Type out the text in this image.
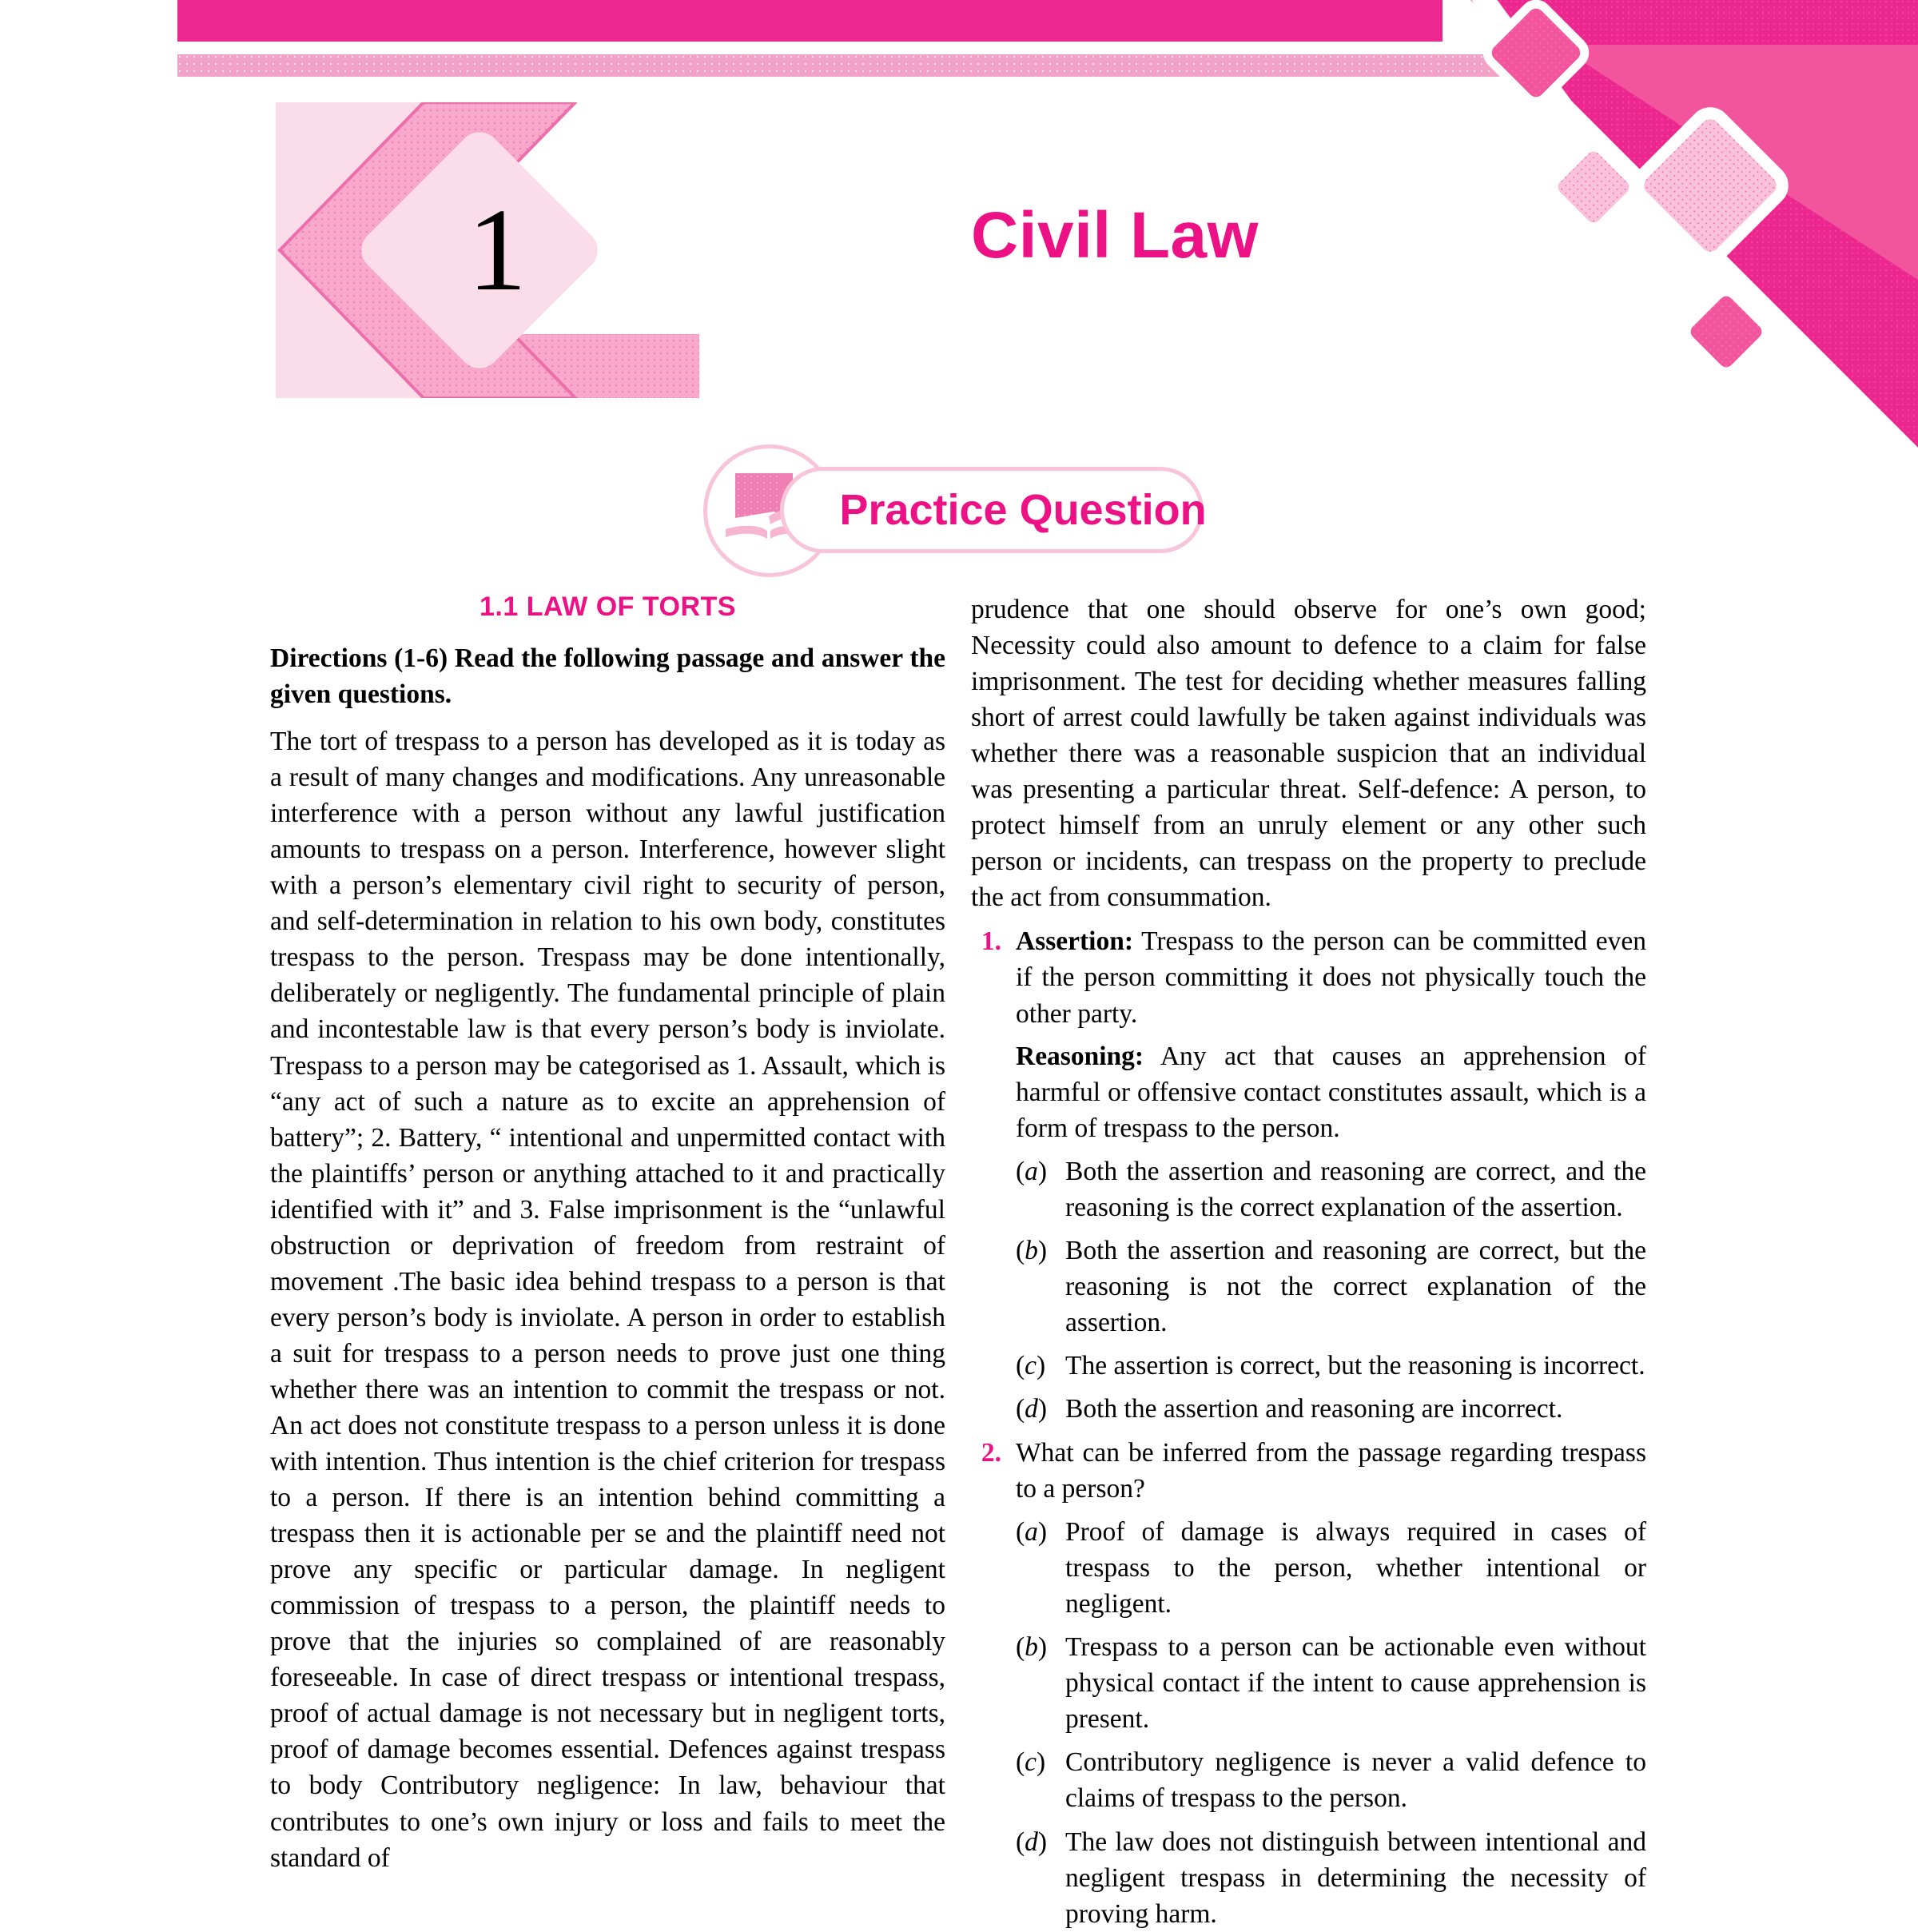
1	Civil Law
Practice Question
1.1 LAW OF TORTS

Directions (1-6) Read the following passage and answer the given questions.

The tort of trespass to a person has developed as it is today as a result of many changes and modifications. Any unreasonable interference with a person without any lawful justification amounts to trespass on a person. Interference, however slight with a person’s elementary civil right to security of person, and self-determination in relation to his own body, constitutes trespass to the person. Trespass may be done intentionally, deliberately or negligently. The fundamental principle of plain and incontestable law is that every person’s body is inviolate. Trespass to a person may be categorised as 1. Assault, which is “any act of such a nature as to excite an apprehension of battery”; 2. Battery, “ intentional and unpermitted contact with the plaintiffs’ person or anything attached to it and practically identified with it” and 3. False imprisonment is the “unlawful obstruction or deprivation of freedom from restraint of movement .The basic idea behind trespass to a person is that every person’s body is inviolate. A person in order to establish a suit for trespass to a person needs to prove just one thing whether there was an intention to commit the trespass or not. An act does not constitute trespass to a person unless it is done with intention. Thus intention is the chief criterion for trespass to a person. If there is an intention behind committing a trespass then it is actionable per se and the plaintiff need not prove any specific or particular damage. In negligent commission of trespass to a person, the plaintiff needs to prove that the injuries so complained of are reasonably foreseeable. In case of direct trespass or intentional trespass, proof of actual damage is not necessary but in negligent torts, proof of damage becomes essential. Defences against trespass to body Contributory negligence: In law, behaviour that contributes to one’s own injury or loss and fails to meet the standard of

prudence that one should observe for one’s own good; Necessity could also amount to defence to a claim for false imprisonment. The test for deciding whether measures falling short of arrest could lawfully be taken against individuals was whether there was a reasonable suspicion that an individual was presenting a particular threat. Self-defence: A person, to protect himself from an unruly element or any other such person or incidents, can trespass on the property to preclude the act from consummation.

1. Assertion: Trespass to the person can be committed even if the person committing it does not physically touch the other party.

Reasoning: Any act that causes an apprehension of harmful or offensive contact constitutes assault, which is a form of trespass to the person.

(a) Both the assertion and reasoning are correct, and the reasoning is the correct explanation of the assertion.
(b) Both the assertion and reasoning are correct, but the reasoning is not the correct explanation of the assertion.
(c) The assertion is correct, but the reasoning is incorrect.
(d) Both the assertion and reasoning are incorrect.
2. What can be inferred from the passage regarding trespass to a person?

(a) Proof of damage is always required in cases of trespass to the person, whether intentional or negligent.
(b) Trespass to a person can be actionable even without physical contact if the intent to cause apprehension is present.
(c) Contributory negligence is never a valid defence to claims of trespass to the person.
(d) The law does not distinguish between intentional and negligent trespass in determining the necessity of proving harm.
